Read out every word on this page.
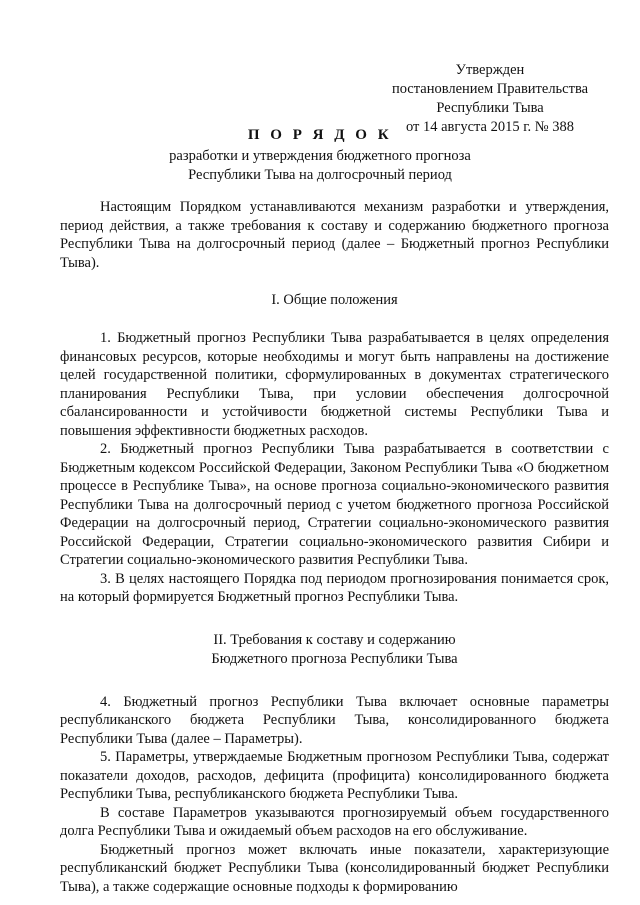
Утвержден
постановлением Правительства
Республики Тыва
от 14 августа 2015 г. № 388
П О Р Я Д О К
разработки и утверждения бюджетного прогноза
Республики Тыва на долгосрочный период

Настоящим Порядком устанавливаются механизм разработки и утверждения, период действия, а также требования к составу и содержанию бюджетного прогноза Республики Тыва на долгосрочный период (далее – Бюджетный прогноз Республики Тыва).

I. Общие положения

1. Бюджетный прогноз Республики Тыва разрабатывается в целях определения финансовых ресурсов, которые необходимы и могут быть направлены на достижение целей государственной политики, сформулированных в документах стратегического планирования Республики Тыва, при условии обеспечения долгосрочной сбалансированности и устойчивости бюджетной системы Республики Тыва и повышения эффективности бюджетных расходов.

2. Бюджетный прогноз Республики Тыва разрабатывается в соответствии с Бюджетным кодексом Российской Федерации, Законом Республики Тыва «О бюджетном процессе в Республике Тыва», на основе прогноза социально-экономического развития Республики Тыва на долгосрочный период с учетом бюджетного прогноза Российской Федерации на долгосрочный период, Стратегии социально-экономического развития Российской Федерации, Стратегии социально-экономического развития Сибири и Стратегии социально-экономического развития Республики Тыва.

3. В целях настоящего Порядка под периодом прогнозирования понимается срок, на который формируется Бюджетный прогноз Республики Тыва.

II. Требования к составу и содержанию
Бюджетного прогноза Республики Тыва

4. Бюджетный прогноз Республики Тыва включает основные параметры республиканского бюджета Республики Тыва, консолидированного бюджета Республики Тыва (далее – Параметры).

5. Параметры, утверждаемые Бюджетным прогнозом Республики Тыва, содержат показатели доходов, расходов, дефицита (профицита) консолидированного бюджета Республики Тыва, республиканского бюджета Республики Тыва.

В составе Параметров указываются прогнозируемый объем государственного долга Республики Тыва и ожидаемый объем расходов на его обслуживание.

Бюджетный прогноз может включать иные показатели, характеризующие республиканский бюджет Республики Тыва (консолидированный бюджет Республики Тыва), а также содержащие основные подходы к формированию
